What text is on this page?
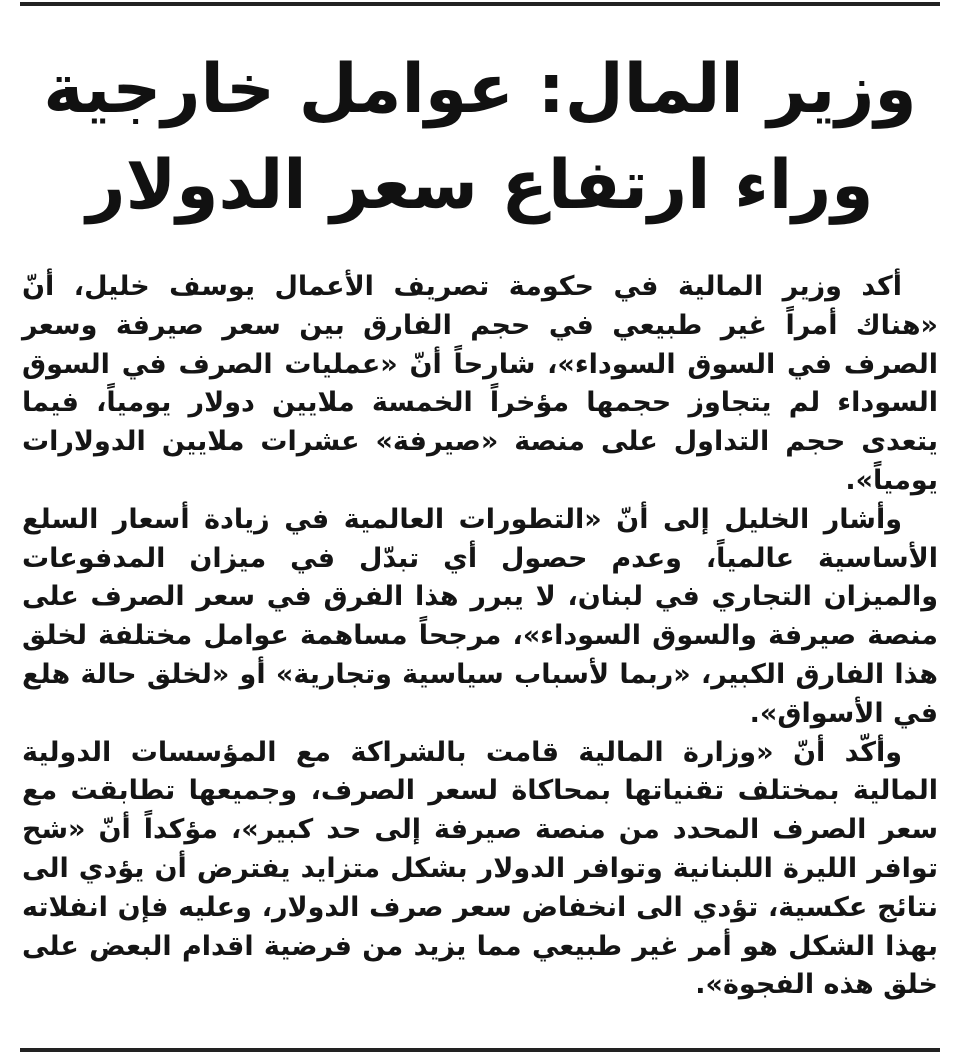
وزير المال: عوامل خارجية
وراء ارتفاع سعر الدولار

أكد وزير المالية في حكومة تصريف الأعمال يوسف خليل، أنّ «هناك أمراً غير طبيعي في حجم الفارق بين سعر صيرفة وسعر الصرف في السوق السوداء»، شارحاً أنّ «عمليات الصرف في السوق السوداء لم يتجاوز حجمها مؤخراً الخمسة ملايين دولار يومياً، فيما يتعدى حجم التداول على منصة «صيرفة» عشرات ملايين الدولارات يومياً».

وأشار الخليل إلى أنّ «التطورات العالمية في زيادة أسعار السلع الأساسية عالمياً، وعدم حصول أي تبدّل في ميزان المدفوعات والميزان التجاري في لبنان، لا يبرر هذا الفرق في سعر الصرف على منصة صيرفة والسوق السوداء»، مرجحاً مساهمة عوامل مختلفة لخلق هذا الفارق الكبير، «ربما لأسباب سياسية وتجارية» أو «لخلق حالة هلع في الأسواق».

وأكّد أنّ «وزارة المالية قامت بالشراكة مع المؤسسات الدولية المالية بمختلف تقنياتها بمحاكاة لسعر الصرف، وجميعها تطابقت مع سعر الصرف المحدد من منصة صيرفة إلى حد كبير»، مؤكداً أنّ «شح توافر الليرة اللبنانية وتوافر الدولار بشكل متزايد يفترض أن يؤدي الى نتائج عكسية، تؤدي الى انخفاض سعر صرف الدولار، وعليه فإن انفلاته بهذا الشكل هو أمر غير طبيعي مما يزيد من فرضية اقدام البعض على خلق هذه الفجوة».
